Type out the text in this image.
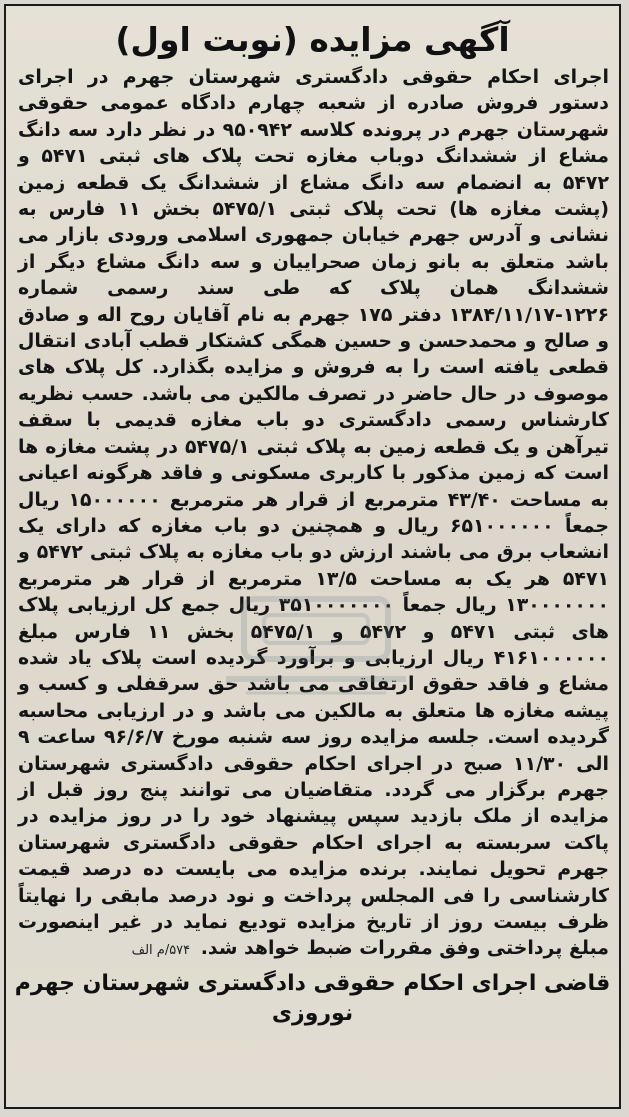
آگهی مزایده (نوبت اول)

اجرای احکام حقوقی دادگستری شهرستان جهرم در اجرای دستور فروش صادره از شعبه چهارم دادگاه عمومی حقوقی شهرستان جهرم در پرونده کلاسه ۹۵۰۹۴۲ در نظر دارد سه دانگ مشاع از ششدانگ دوباب مغازه تحت پلاک های ثبتی ۵۴۷۱ و ۵۴۷۲ به انضمام سه دانگ مشاع از ششدانگ یک قطعه زمین (پشت مغازه ها) تحت پلاک ثبتی ۵۴۷۵/۱ بخش ۱۱ فارس به نشانی و آدرس جهرم خیابان جمهوری اسلامی ورودی بازار می باشد متعلق به بانو زمان صحراییان و سه دانگ مشاع دیگر از ششدانگ همان پلاک که طی سند رسمی شماره ۱۲۲۶-۱۳۸۴/۱۱/۱۷ دفتر ۱۷۵ جهرم به نام آقایان روح اله و صادق و صالح و محمدحسن و حسین همگی کشتکار قطب آبادی انتقال قطعی یافته است را به فروش و مزایده بگذارد. کل پلاک های موصوف در حال حاضر در تصرف مالکین می باشد. حسب نظریه کارشناس رسمی دادگستری دو باب مغازه قدیمی با سقف تیرآهن و یک قطعه زمین به پلاک ثبتی ۵۴۷۵/۱ در پشت مغازه ها است که زمین مذکور با کاربری مسکونی و فاقد هرگونه اعیانی به مساحت ۴۳/۴۰ مترمربع از قرار هر مترمربع ۱۵۰۰۰۰۰۰ ریال جمعاً ۶۵۱۰۰۰۰۰۰ ریال و همچنین دو باب مغازه که دارای یک انشعاب برق می باشند ارزش دو باب مغازه به پلاک ثبتی ۵۴۷۲ و ۵۴۷۱ هر یک به مساحت ۱۳/۵ مترمربع از قرار هر مترمربع ۱۳۰۰۰۰۰۰۰ ریال جمعاً ۳۵۱۰۰۰۰۰۰۰ ریال جمع کل ارزیابی پلاک های ثبتی ۵۴۷۱ و ۵۴۷۲ و ۵۴۷۵/۱ بخش ۱۱ فارس مبلغ ۴۱۶۱۰۰۰۰۰۰ ریال ارزیابی و برآورد گردیده است پلاک یاد شده مشاع و فاقد حقوق ارتفاقی می باشد حق سرقفلی و کسب و پیشه مغازه ها متعلق به مالکین می باشد و در ارزیابی محاسبه گردیده است. جلسه مزایده روز سه شنبه مورخ ۹۶/۶/۷ ساعت ۹ الی ۱۱/۳۰ صبح در اجرای احکام حقوقی دادگستری شهرستان جهرم برگزار می گردد. متقاضیان می توانند پنج روز قبل از مزایده از ملک بازدید سپس پیشنهاد خود را در روز مزایده در پاکت سربسته به اجرای احکام حقوقی دادگستری شهرستان جهرم تحویل نمایند. برنده مزایده می بایست ده درصد قیمت کارشناسی را فی المجلس پرداخت و نود درصد مابقی را نهایتاً ظرف بیست روز از تاریخ مزایده تودیع نماید در غیر اینصورت مبلغ پرداختی وفق مقررات ضبط خواهد شد. ۵۷۴/م الف

قاضی اجرای احکام حقوقی دادگستری شهرستان جهرم
نوروزی
